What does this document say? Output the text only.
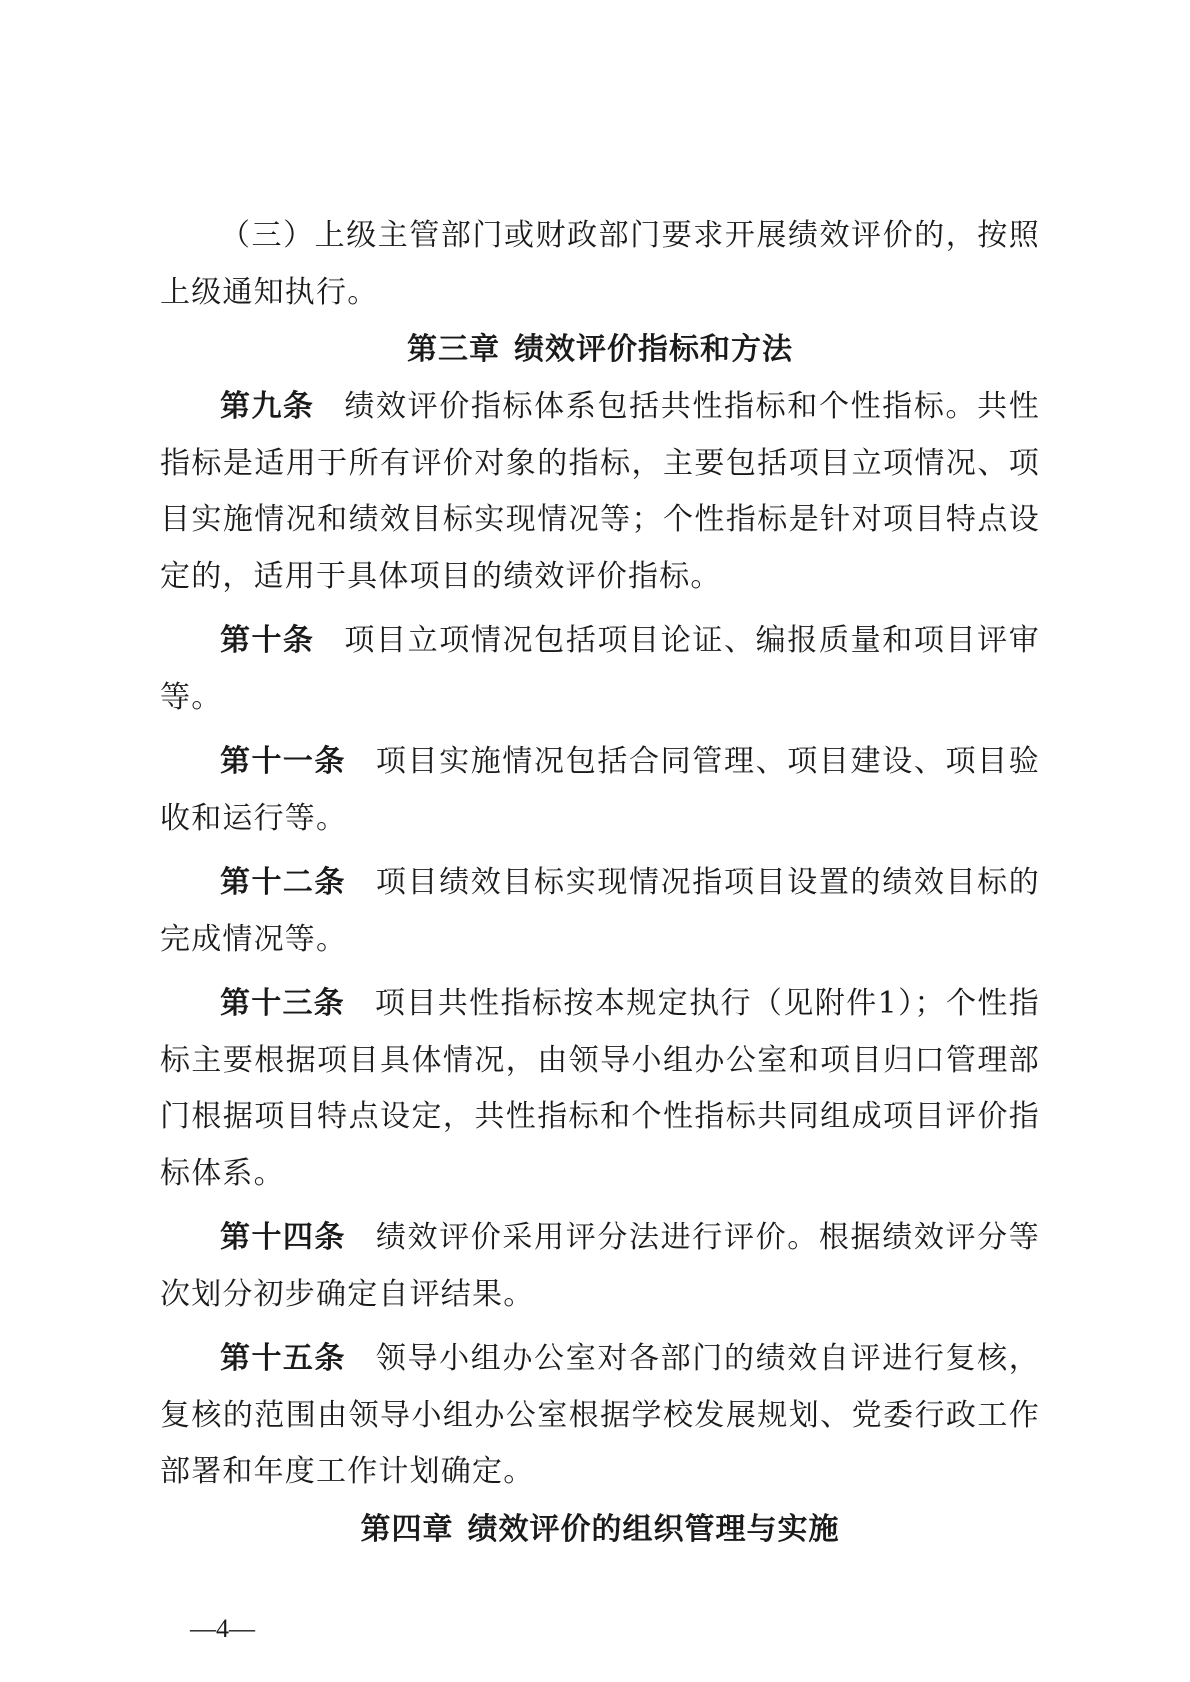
（三）上级主管部门或财政部门要求开展绩效评价的，按照上级通知执行。

第三章 绩效评价指标和方法

第九条 绩效评价指标体系包括共性指标和个性指标。共性指标是适用于所有评价对象的指标，主要包括项目立项情况、项目实施情况和绩效目标实现情况等；个性指标是针对项目特点设定的，适用于具体项目的绩效评价指标。

第十条 项目立项情况包括项目论证、编报质量和项目评审等。

第十一条 项目实施情况包括合同管理、项目建设、项目验收和运行等。

第十二条 项目绩效目标实现情况指项目设置的绩效目标的完成情况等。

第十三条 项目共性指标按本规定执行（见附件1）；个性指标主要根据项目具体情况，由领导小组办公室和项目归口管理部门根据项目特点设定，共性指标和个性指标共同组成项目评价指标体系。

第十四条 绩效评价采用评分法进行评价。根据绩效评分等次划分初步确定自评结果。

第十五条 领导小组办公室对各部门的绩效自评进行复核，复核的范围由领导小组办公室根据学校发展规划、党委行政工作部署和年度工作计划确定。

第四章 绩效评价的组织管理与实施
—4—
